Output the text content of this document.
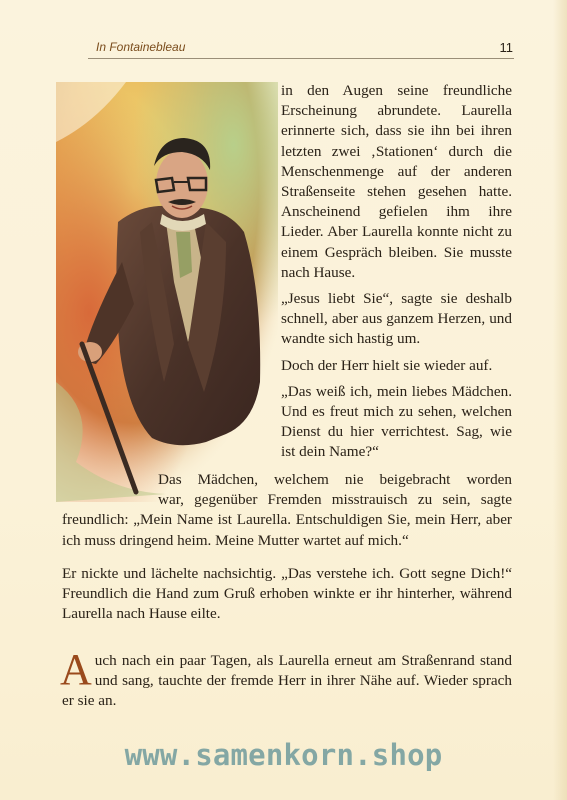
In Fontainebleau	11

in den Augen seine freundliche Erscheinung abrundete. Laurella erinnerte sich, dass sie ihn bei ihren letzten zwei ‚Stationen‘ durch die Menschenmenge auf der anderen Straßenseite stehen gesehen hatte. Anscheinend gefielen ihm ihre Lieder. Aber Laurella konnte nicht zu einem Gespräch bleiben. Sie musste nach Hause.

„Jesus liebt Sie“, sagte sie deshalb schnell, aber aus ganzem Herzen, und wandte sich hastig um.

Doch der Herr hielt sie wieder auf.

„Das weiß ich, mein liebes Mädchen. Und es freut mich zu sehen, welchen Dienst du hier verrichtest. Sag, wie ist dein Name?“

Das Mädchen, welchem nie beigebracht worden
war, gegenüber Fremden misstrauisch zu sein, sagte

freundlich: „Mein Name ist Laurella. Entschuldigen Sie, mein Herr, aber ich muss dringend heim. Meine Mutter wartet auf mich.“

Er nickte und lächelte nachsichtig. „Das verstehe ich. Gott segne Dich!“ Freundlich die Hand zum Gruß erhoben winkte er ihr hinterher, während Laurella nach Hause eilte.

Auch nach ein paar Tagen, als Laurella erneut am Straßenrand stand und sang, tauchte der fremde Herr in ihrer Nähe auf. Wieder sprach er sie an.

www.samenkorn.shop
